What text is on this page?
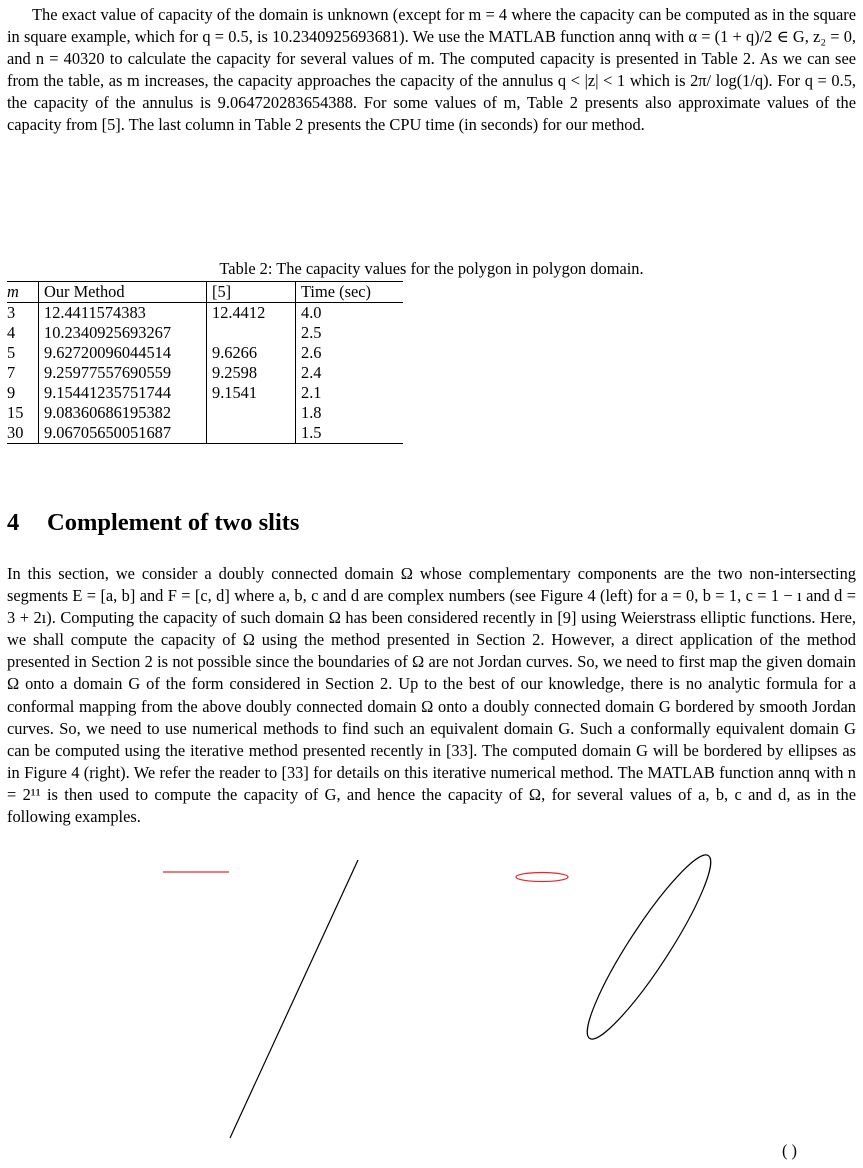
The exact value of capacity of the domain is unknown (except for m = 4 where the capacity can be computed as in the square in square example, which for q = 0.5, is 10.2340925693681). We use the MATLAB function annq with α = (1 + q)/2 ∈ G, z₂ = 0, and n = 40320 to calculate the capacity for several values of m. The computed capacity is presented in Table 2. As we can see from the table, as m increases, the capacity approaches the capacity of the annulus q < |z| < 1 which is 2π/ log(1/q). For q = 0.5, the capacity of the annulus is 9.064720283654388. For some values of m, Table 2 presents also approximate values of the capacity from [5]. The last column in Table 2 presents the CPU time (in seconds) for our method.

Table 2: The capacity values for the polygon in polygon domain.
m	Our Method	[5]	Time (sec)
3	12.4411574383	12.4412	4.0
4	10.2340925693267		2.5
5	9.62720096044514	9.6266	2.6
7	9.25977557690559	9.2598	2.4
9	9.15441235751744	9.1541	2.1
15	9.08360686195382		1.8
30	9.06705650051687		1.5
4 Complement of two slits

In this section, we consider a doubly connected domain Ω whose complementary components are the two non-intersecting segments E = [a, b] and F = [c, d] where a, b, c and d are complex numbers (see Figure 4 (left) for a = 0, b = 1, c = 1 − ı and d = 3 + 2ı). Computing the capacity of such domain Ω has been considered recently in [9] using Weierstrass elliptic functions. Here, we shall compute the capacity of Ω using the method presented in Section 2. However, a direct application of the method presented in Section 2 is not possible since the boundaries of Ω are not Jordan curves. So, we need to first map the given domain Ω onto a domain G of the form considered in Section 2. Up to the best of our knowledge, there is no analytic formula for a conformal mapping from the above doubly connected domain Ω onto a doubly connected domain G bordered by smooth Jordan curves. So, we need to use numerical methods to find such an equivalent domain G. Such a conformally equivalent domain G can be computed using the iterative method presented recently in [33]. The computed domain G will be bordered by ellipses as in Figure 4 (right). We refer the reader to [33] for details on this iterative numerical method. The MATLAB function annq with n = 2¹¹ is then used to compute the capacity of G, and hence the capacity of Ω, for several values of a, b, c and d, as in the following examples.

( )
